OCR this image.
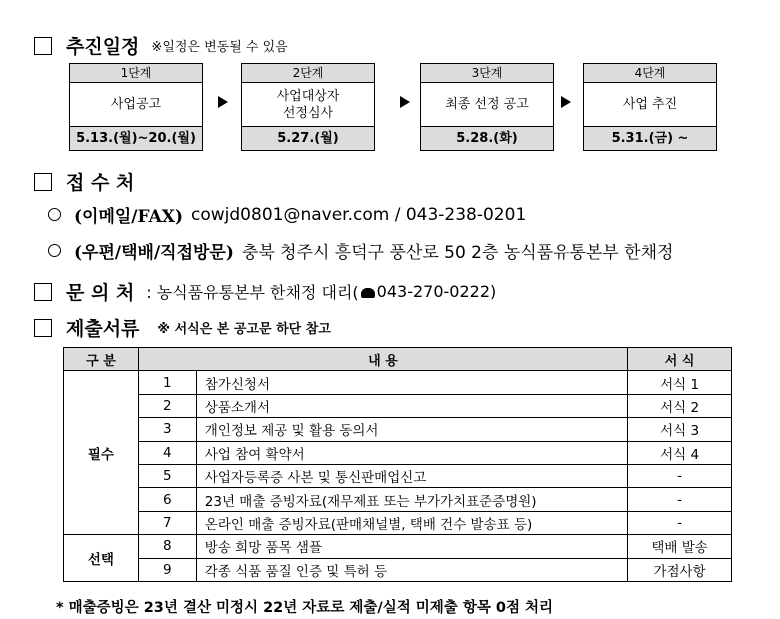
추진일정 ※일정은 변동될 수 있음
1단계
사업공고
5.13.(월)~20.(월)
2단계
사업대상자
선정심사
5.27.(월)
3단계
최종 선정 공고
5.28.(화)
4단계
사업 추진
5.31.(금) ~
접 수 처
(이메일/FAX) cowjd0801@naver.com / 043-238-0201
(우편/택배/직접방문) 충북 청주시 흥덕구 풍산로 50 2층 농식품유통본부 한채정
문 의 처 : 농식품유통본부 한채정 대리( 043-270-0222)
제출서류 ※ 서식은 본 공고문 하단 참고
구 분	내 용		서 식
필수	1	참가신청서	서식 1
	2	상품소개서	서식 2
	3	개인정보 제공 및 활용 동의서	서식 3
	4	사업 참여 확약서	서식 4
	5	사업자등록증 사본 및 통신판매업신고	-
	6	23년 매출 증빙자료(재무제표 또는 부가가치표준증명원)	-
	7	온라인 매출 증빙자료(판매채널별, 택배 건수 발송표 등)	-
선택	8	방송 희망 품목 샘플	택배 발송
	9	각종 식품 품질 인증 및 특허 등	가점사항
* 매출증빙은 23년 결산 미정시 22년 자료로 제출/실적 미제출 항목 0점 처리
